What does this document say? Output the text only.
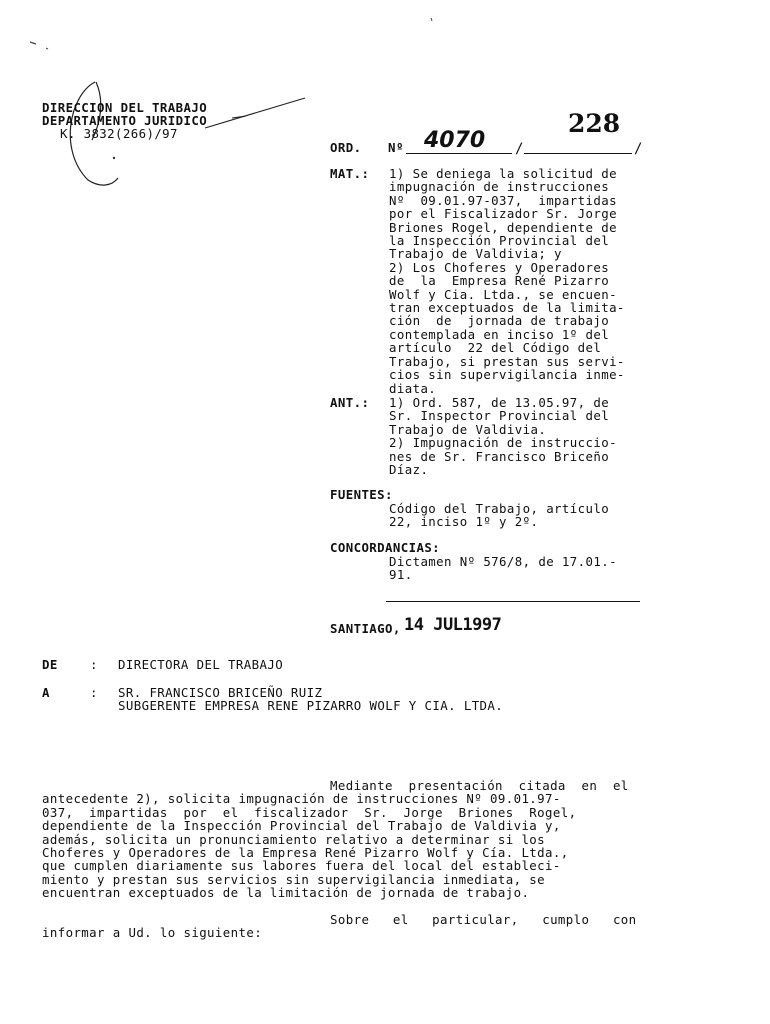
DIRECCION DEL TRABAJO
DEPARTAMENTO JURIDICO
K. 3832(266)/97
ORD. Nº 4070 /
228
/
MAT.: 1) Se deniega la solicitud de
impugnación de instrucciones
Nº  09.01.97-037,  impartidas
por el Fiscalizador Sr. Jorge
Briones Rogel, dependiente de
la Inspección Provincial del
Trabajo de Valdivia; y
2) Los Choferes y Operadores
de  la  Empresa René Pizarro
Wolf y Cia. Ltda., se encuen-
tran exceptuados de la limita-
ción  de  jornada de trabajo
contemplada en inciso 1º del
artículo  22 del Código del
Trabajo, si prestan sus servi-
cios sin supervigilancia inme-
diata.
ANT.: 1) Ord. 587, de 13.05.97, de
Sr. Inspector Provincial del
Trabajo de Valdivia.
2) Impugnación de instruccio-
nes de Sr. Francisco Briceño
Díaz.
FUENTES:
Código del Trabajo, artículo
22, inciso 1º y 2º.
CONCORDANCIAS:
Dictamen Nº 576/8, de 17.01.-
91.
SANTIAGO, 14 JUL1997
DE	: DIRECTORA DEL TRABAJO
A	: SR. FRANCISCO BRICEÑO RUIZ
SUBGERENTE EMPRESA RENE PIZARRO WOLF Y CIA. LTDA.
Mediante  presentación  citada  en  el
antecedente 2), solicita impugnación de instrucciones Nº 09.01.97-
037,  impartidas  por  el  fiscalizador  Sr.  Jorge  Briones  Rogel,
dependiente de la Inspección Provincial del Trabajo de Valdivia y,
además, solicita un pronunciamiento relativo a determinar si los
Choferes y Operadores de la Empresa René Pizarro Wolf y Cía. Ltda.,
que cumplen diariamente sus labores fuera del local del estableci-
miento y prestan sus servicios sin supervigilancia inmediata, se
encuentran exceptuados de la limitación de jornada de trabajo.
Sobre   el   particular,   cumplo   con
informar a Ud. lo siguiente:
